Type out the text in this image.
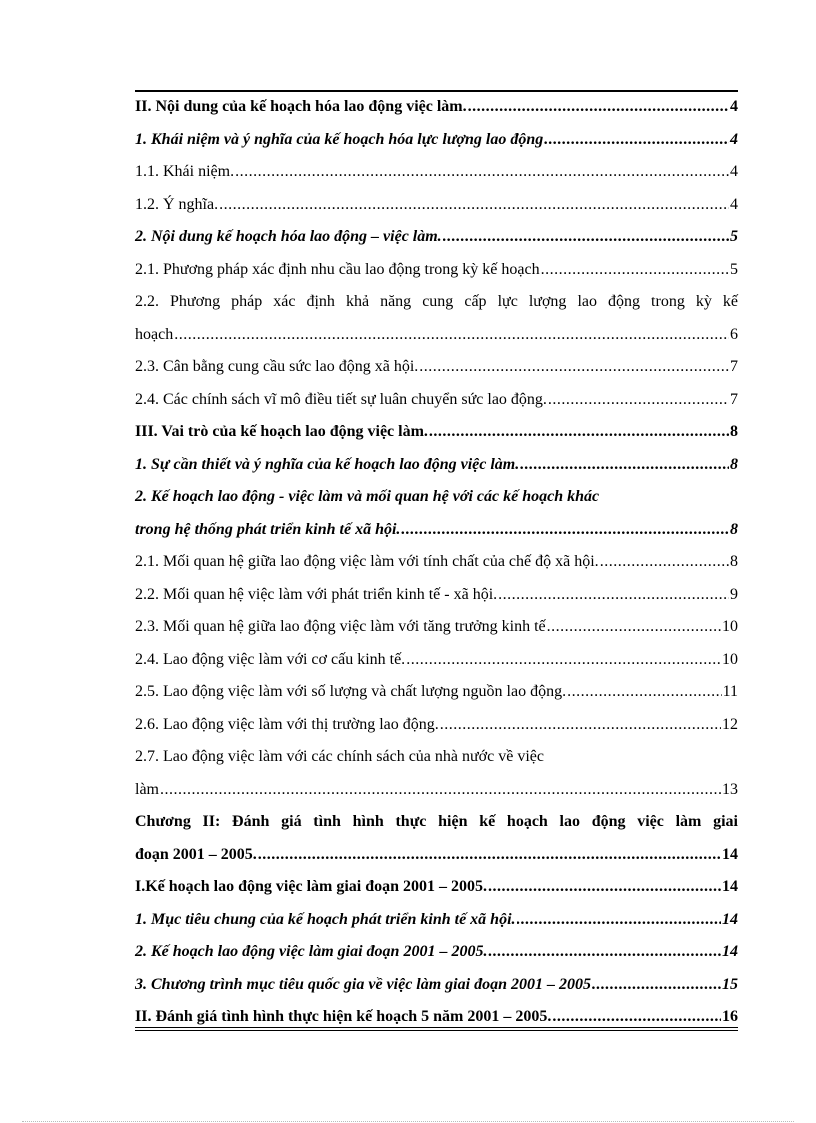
II. Nội dung của kế hoạch hóa lao động việc làm. .....	4
1. Khái niệm và ý nghĩa của kế hoạch hóa lực lượng lao động .....	4
1.1. Khái niệm. .....	4
1.2. Ý nghĩa. .....	4
2. Nội dung kế hoạch hóa lao động – việc làm. .....	5
2.1. Phương pháp xác định nhu cầu lao động trong kỳ kế hoạch .....	5
2.2. Phương pháp xác định khả năng cung cấp lực lượng lao động trong kỳ kế
hoạch .....	6
2.3. Cân bằng cung cầu sức lao động xã hội. .....	7
2.4. Các chính sách vĩ mô điều tiết sự luân chuyển sức lao động. .....	7
III. Vai trò của kế hoạch lao động việc làm. .....	8
1. Sự cần thiết và ý nghĩa của kế hoạch lao động việc làm. .....	8
2. Kế hoạch lao động - việc làm và mối quan hệ với các kế hoạch khác
trong hệ thống phát triển kinh tế xã hội. .....	8
2.1. Mối quan hệ giữa lao động việc làm với tính chất của chế độ xã hội. .....	8
2.2. Mối quan hệ việc làm với phát triển kinh tế - xã hội. .....	9
2.3. Mối quan hệ giữa lao động việc làm với tăng trưởng kinh tế .....	10
2.4. Lao động việc làm với cơ cấu kinh tế. .....	10
2.5. Lao động việc làm với số lượng và chất lượng nguồn lao động. .....	11
2.6. Lao động việc làm với thị trường lao động. .....	12
2.7. Lao động việc làm với các chính sách của nhà nước về việc
làm .....	13
Chương II: Đánh giá tình hình thực hiện kế hoạch lao động việc làm giai
đoạn 2001 – 2005. .....	14
I.Kế hoạch lao động việc làm giai đoạn 2001 – 2005. .....	14
1. Mục tiêu chung của kế hoạch phát triển kinh tế xã hội. .....	14
2. Kế hoạch lao động việc làm giai đoạn 2001 – 2005. .....	14
3. Chương trình mục tiêu quốc gia về việc làm giai đoạn 2001 – 2005 .....	15
II. Đánh giá tình hình thực hiện kế hoạch 5 năm 2001 – 2005. .....	16
